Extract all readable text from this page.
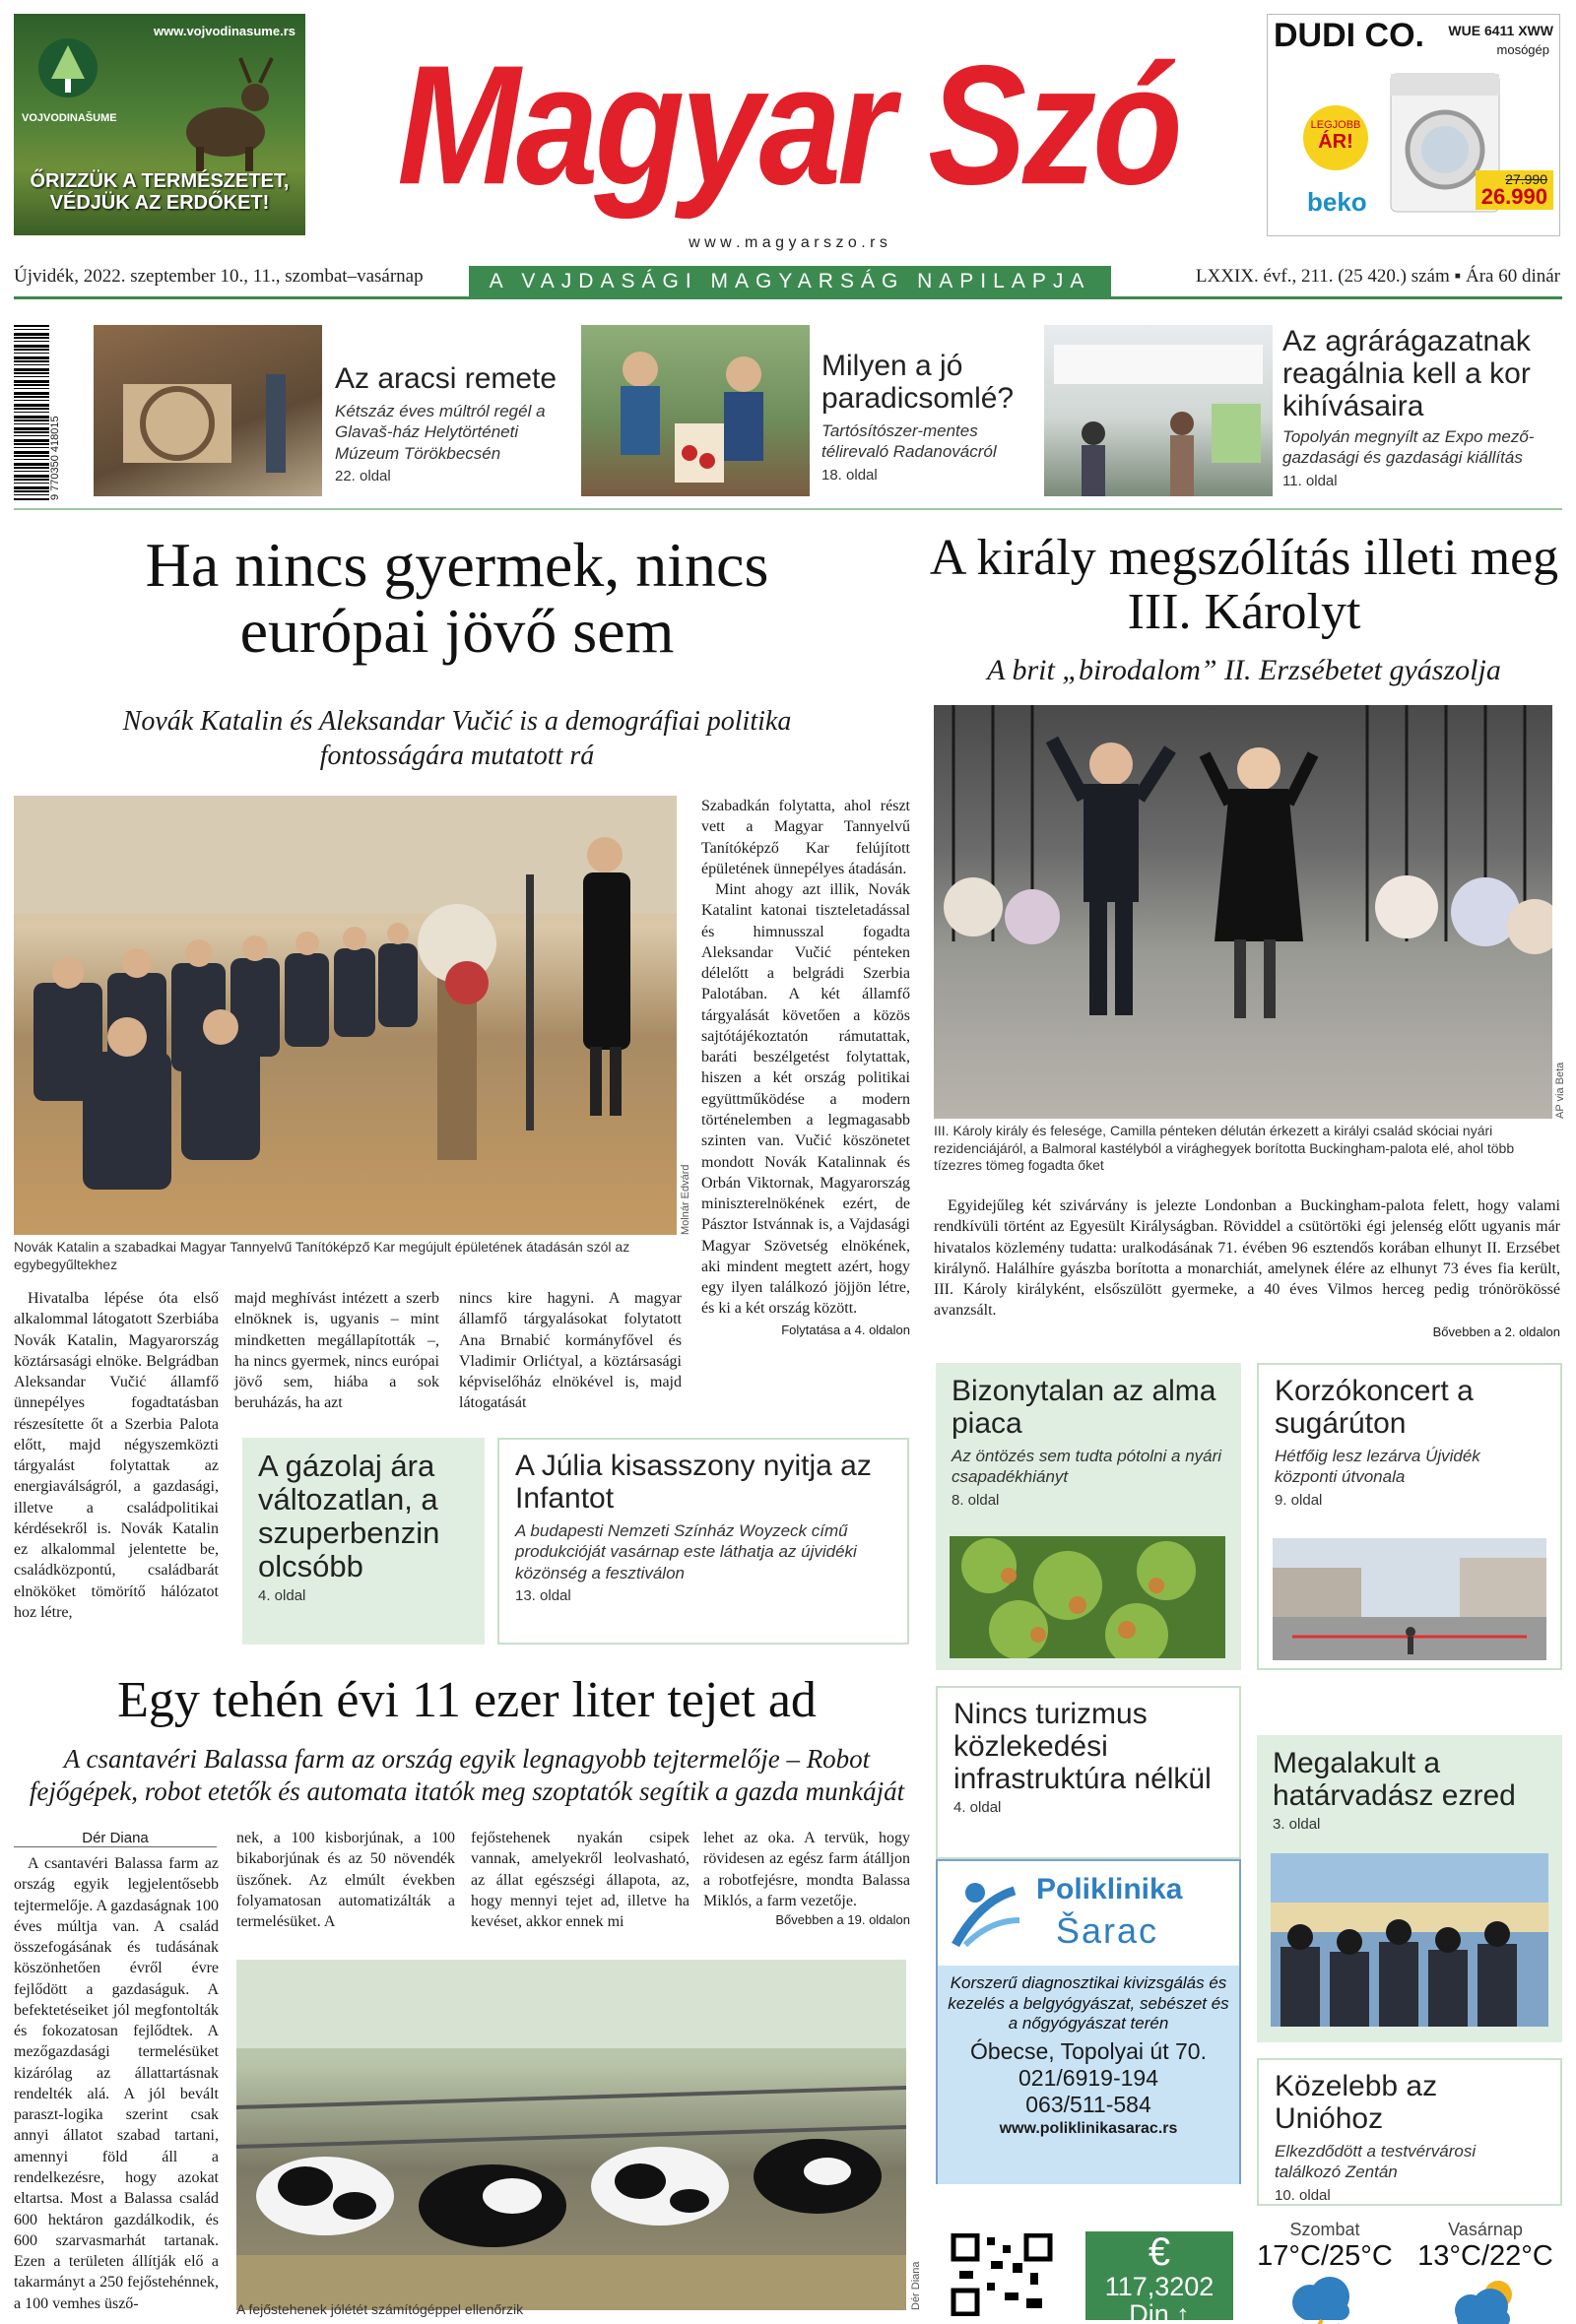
www.vojvodinasume.rs
VOJVODINAŠUME
ŐRIZZÜK A TERMÉSZETET,
VÉDJÜK AZ ERDŐKET! Magyar Szó
w w w . m a g y a r s z o . r s
A VAJDASÁGI MAGYARSÁG NAPILAPJA
Újvidék, 2022. szeptember 10., 11., szombat–vasárnap	LXXIX. évf., 211. (25 420.) szám ▪ Ára 60 dinár
DUDI CO. WUE 6411 XWW
mosógép
LEGJOBB
ÁR!
beko
27.990
26.990
9 770350 418015
Az aracsi remete
Kétszáz éves múltról regél a Glavaš-ház Helytörténeti Múzeum Törökbecsén
22. oldal
Milyen a jó paradicsomlé?
Tartósítószer-mentes télirevaló Radanovácról
18. oldal
Az agrárágazatnak reagálnia kell a kor kihívásaira
Topolyán megnyílt az Expo mező-gazdasági és gazdasági kiállítás
11. oldal
Ha nincs gyermek, nincs
európai jövő sem
Novák Katalin és Aleksandar Vučić is a demográfiai politika
fontosságára mutatott rá
Molnár Edvárd
Novák Katalin a szabadkai Magyar Tannyelvű Tanítóképző Kar megújult épületének átadásán szól az egybegyűltekhez

Hivatalba lépése óta első alkalommal látogatott Szerbiába Novák Katalin, Magyarország köztársasági elnöke. Belgrádban Aleksandar Vučić államfő ünnepélyes fogadtatásban részesítette őt a Szerbia Palota előtt, majd négyszemközti tárgyalást folytattak az energiaválságról, a gazdasági, illetve a családpolitikai kérdésekről is. Novák Katalin ez alkalommal jelentette be, családközpontú, családbarát elnököket tömörítő hálózatot hoz létre,

majd meghívást intézett a szerb elnöknek is, ugyanis – mint mindketten megállapították –, ha nincs gyermek, nincs európai jövő sem, hiába a sok beruházás, ha azt

nincs kire hagyni. A magyar államfő tárgyalásokat folytatott Ana Brnabić kormányfővel és Vladimir Orlićtyal, a köztársasági képviselőház elnökével is, majd látogatását

Szabadkán folytatta, ahol részt vett a Magyar Tannyelvű Tanítóképző Kar felújított épületének ünnepélyes átadásán.

Mint ahogy azt illik, Novák Katalint katonai tiszteletadással és himnusszal fogadta Aleksandar Vučić pénteken délelőtt a belgrádi Szerbia Palotában. A két államfő tárgyalását követően a közös sajtótájékoztatón rámutattak, baráti beszélgetést folytattak, hiszen a két ország politikai együttműködése a modern történelemben a legmagasabb szinten van. Vučić köszönetet mondott Novák Katalinnak és Orbán Viktornak, Magyarország miniszterelnökének ezért, de Pásztor Istvánnak is, a Vajdasági Magyar Szövetség elnökének, aki mindent megtett azért, hogy egy ilyen találkozó jöjjön létre, és ki a két ország között.

Folytatása a 4. oldalon
A gázolaj ára változatlan, a szuperbenzin olcsóbb
4. oldal
A Júlia kisasszony nyitja az Infantot
A budapesti Nemzeti Színház Woyzeck című produkcióját vasárnap este láthatja az újvidéki közönség a fesztiválon
13. oldal
A király megszólítás illeti meg
III. Károlyt
A brit „birodalom” II. Erzsébetet gyászolja
AP via Beta
III. Károly király és felesége, Camilla pénteken délután érkezett a királyi család skóciai nyári rezidenciájáról, a Balmoral kastélyból a virághegyek borította Buckingham-palota elé, ahol több tízezres tömeg fogadta őket

Egyidejűleg két szivárvány is jelezte Londonban a Buckingham-palota felett, hogy valami rendkívüli történt az Egyesült Királyságban. Röviddel a csütörtöki égi jelenség előtt ugyanis már hivatalos közlemény tudatta: uralkodásának 71. évében 96 esztendős korában elhunyt II. Erzsébet királynő. Halálhíre gyászba borította a monarchiát, amelynek élére az elhunyt 73 éves fia került, III. Károly királyként, elsőszülött gyermeke, a 40 éves Vilmos herceg pedig trónörökössé avanzsált.

Bővebben a 2. oldalon
Bizonytalan az alma piaca
Az öntözés sem tudta pótolni a nyári csapadékhiányt
8. oldal
Korzókoncert a sugárúton
Hétfőig lesz lezárva Újvidék központi útvonala
9. oldal
Nincs turizmus közlekedési infrastruktúra nélkül
4. oldal
Megalakult a határvadász ezred
3. oldal
Közelebb az Unióhoz
Elkezdődött a testvérvárosi találkozó Zentán
10. oldal
Poliklinika
Šarac
Korszerű diagnosztikai kivizsgálás és kezelés a belgyógyászat, sebészet és a nőgyógyászat terén
Óbecse, Topolyai út 70.
021/6919-194
063/511-584
www.poliklinikasarac.rs
€
117,3202
Din ↑
Szombat
17°C/25°C
Vasárnap
13°C/22°C
Egy tehén évi 11 ezer liter tejet ad
A csantavéri Balassa farm az ország egyik legnagyobb tejtermelője – Robot
fejőgépek, robot etetők és automata itatók meg szoptatók segítik a gazda munkáját
Dér Diana

A csantavéri Balassa farm az ország egyik legjelentősebb tejtermelője. A gazdaságnak 100 éves múltja van. A család összefogásának és tudásának köszönhetően évről évre fejlődött a gazdaságuk. A befektetéseiket jól megfontolták és fokozatosan fejlődtek. A mezőgazdasági termelésüket kizárólag az állattartásnak rendelték alá. A jól bevált paraszt-logika szerint csak annyi állatot szabad tartani, amennyi föld áll a rendelkezésre, hogy azokat eltartsa. Most a Balassa család 600 hektáron gazdálkodik, és 600 szarvasmarhát tartanak. Ezen a területen állítják elő a takarmányt a 250 fejőstehénnek, a 100 vemhes üsző-

nek, a 100 kisborjúnak, a 100 bikaborjúnak és az 50 növendék üszőnek. Az elmúlt években folyamatosan automatizálták a termelésüket. A

fejőstehenek nyakán csipek vannak, amelyekről leolvasható, az állat egészségi állapota, az, hogy mennyi tejet ad, illetve ha kevéset, akkor ennek mi

lehet az oka. A tervük, hogy rövidesen az egész farm átálljon a robotfejésre, mondta Balassa Miklós, a farm vezetője.

Bővebben a 19. oldalon
Dér Diana
A fejőstehenek jólétét számítógéppel ellenőrzik
